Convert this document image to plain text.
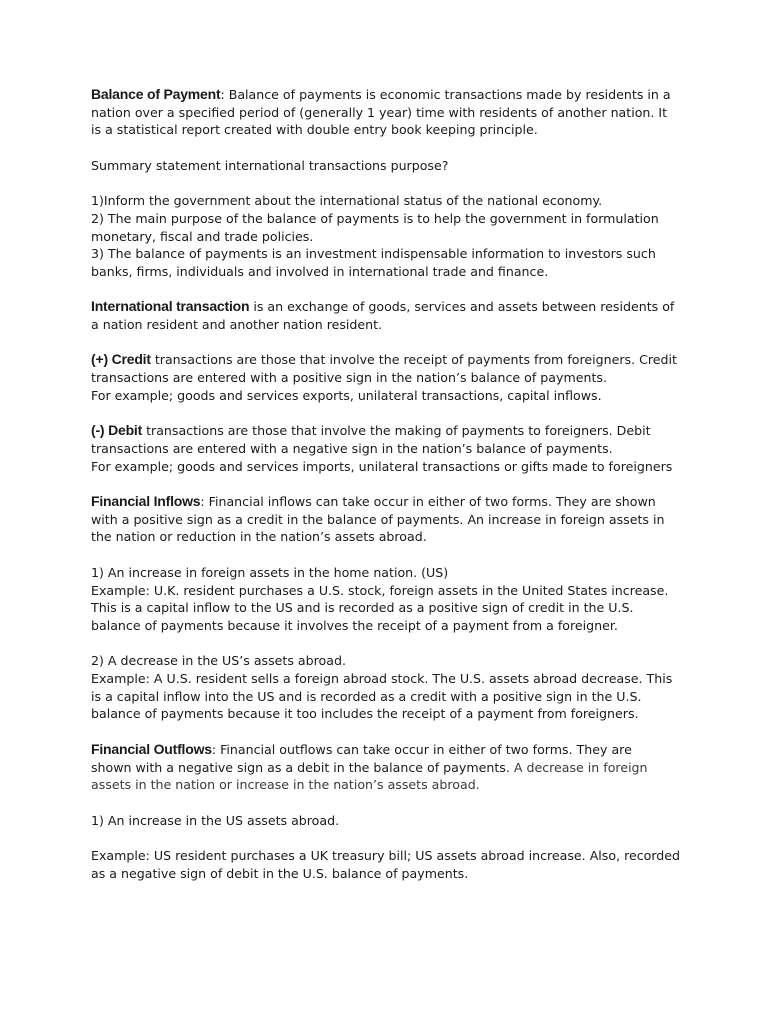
Balance of Payment: Balance of payments is economic transactions made by residents in a
nation over a specified period of (generally 1 year) time with residents of another nation. It
is a statistical report created with double entry book keeping principle.

Summary statement international transactions purpose?

1)Inform the government about the international status of the national economy.
2) The main purpose of the balance of payments is to help the government in formulation
monetary, fiscal and trade policies.
3) The balance of payments is an investment indispensable information to investors such
banks, firms, individuals and involved in international trade and finance.

International transaction is an exchange of goods, services and assets between residents of
a nation resident and another nation resident.

(+) Credit transactions are those that involve the receipt of payments from foreigners. Credit
transactions are entered with a positive sign in the nation’s balance of payments.
For example; goods and services exports, unilateral transactions, capital inflows.

(-) Debit transactions are those that involve the making of payments to foreigners. Debit
transactions are entered with a negative sign in the nation’s balance of payments.
For example; goods and services imports, unilateral transactions or gifts made to foreigners

Financial Inflows: Financial inflows can take occur in either of two forms. They are shown
with a positive sign as a credit in the balance of payments. An increase in foreign assets in
the nation or reduction in the nation’s assets abroad.

1) An increase in foreign assets in the home nation. (US)
Example: U.K. resident purchases a U.S. stock, foreign assets in the United States increase.
This is a capital inflow to the US and is recorded as a positive sign of credit in the U.S.
balance of payments because it involves the receipt of a payment from a foreigner.

2) A decrease in the US’s assets abroad.
Example: A U.S. resident sells a foreign abroad stock. The U.S. assets abroad decrease. This
is a capital inflow into the US and is recorded as a credit with a positive sign in the U.S.
balance of payments because it too includes the receipt of a payment from foreigners.

Financial Outflows: Financial outflows can take occur in either of two forms. They are
shown with a negative sign as a debit in the balance of payments. A decrease in foreign
assets in the nation or increase in the nation’s assets abroad.

1) An increase in the US assets abroad.

Example: US resident purchases a UK treasury bill; US assets abroad increase. Also, recorded
as a negative sign of debit in the U.S. balance of payments.
